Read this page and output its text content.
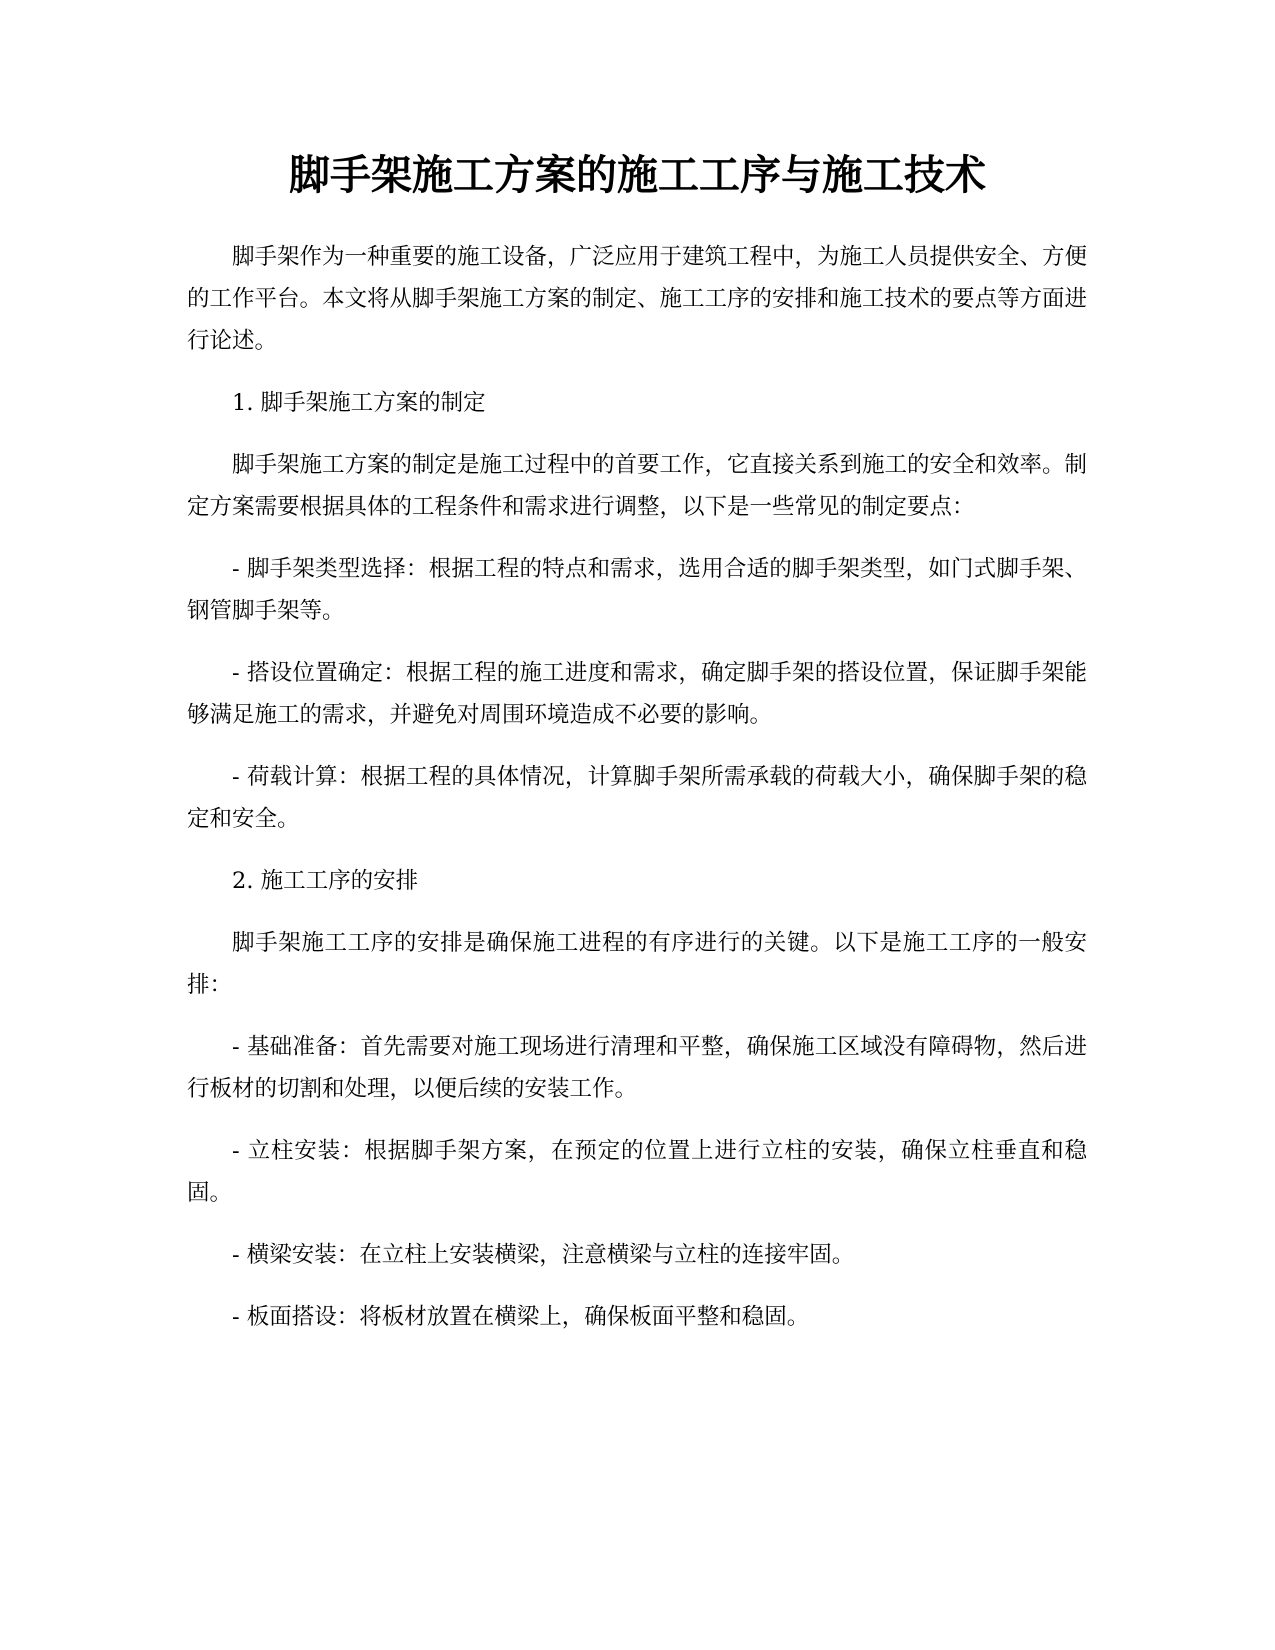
脚手架施工方案的施工工序与施工技术

脚手架作为一种重要的施工设备，广泛应用于建筑工程中，为施工人员提供安全、方便的工作平台。本文将从脚手架施工方案的制定、施工工序的安排和施工技术的要点等方面进行论述。

1. 脚手架施工方案的制定

脚手架施工方案的制定是施工过程中的首要工作，它直接关系到施工的安全和效率。制定方案需要根据具体的工程条件和需求进行调整，以下是一些常见的制定要点：

- 脚手架类型选择：根据工程的特点和需求，选用合适的脚手架类型，如门式脚手架、钢管脚手架等。

- 搭设位置确定：根据工程的施工进度和需求，确定脚手架的搭设位置，保证脚手架能够满足施工的需求，并避免对周围环境造成不必要的影响。

- 荷载计算：根据工程的具体情况，计算脚手架所需承载的荷载大小，确保脚手架的稳定和安全。

2. 施工工序的安排

脚手架施工工序的安排是确保施工进程的有序进行的关键。以下是施工工序的一般安排：

- 基础准备：首先需要对施工现场进行清理和平整，确保施工区域没有障碍物，然后进行板材的切割和处理，以便后续的安装工作。

- 立柱安装：根据脚手架方案，在预定的位置上进行立柱的安装，确保立柱垂直和稳固。

- 横梁安装：在立柱上安装横梁，注意横梁与立柱的连接牢固。

- 板面搭设：将板材放置在横梁上，确保板面平整和稳固。
